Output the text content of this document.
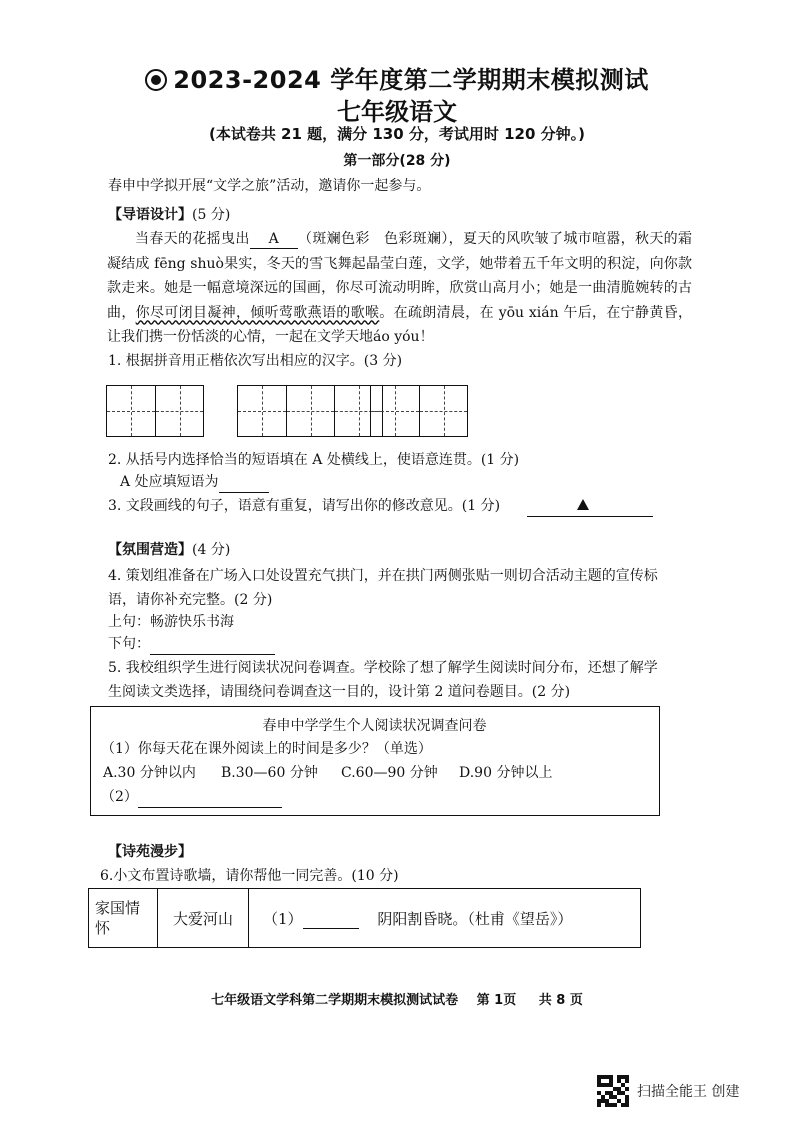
2023-2024 学年度第二学期期末模拟测试
七年级语文
(本试卷共 21 题，满分 130 分，考试用时 120 分钟。)
第一部分(28 分)
春申中学拟开展“文学之旅”活动，邀请你一起参与。
【导语设计】(5 分)
当春天的花摇曳出 A （斑斓色彩　色彩斑斓），夏天的风吹皱了城市喧嚣，秋天的霜凝结成 fēng shuò果实，冬天的雪飞舞起晶莹白莲，文学，她带着五千年文明的积淀，向你款款走来。她是一幅意境深远的国画，你尽可流动明眸，欣赏山高月小；她是一曲清脆婉转的古曲，你尽可闭目凝神，倾听莺歌燕语的歌喉。在疏朗清晨，在 yōu xián 午后，在宁静黄昏，让我们携一份恬淡的心情，一起在文学天地áo yóu！
1. 根据拼音用正楷依次写出相应的汉字。(3 分)
2. 从括号内选择恰当的短语填在 A 处横线上，使语意连贯。(1 分)
A 处应填短语为
3. 文段画线的句子，语意有重复，请写出你的修改意见。(1 分)
【氛围营造】(4 分)
4. 策划组准备在广场入口处设置充气拱门，并在拱门两侧张贴一则切合活动主题的宣传标
语，请你补充完整。(2 分)
上句：畅游快乐书海
下句：
5. 我校组织学生进行阅读状况问卷调查。学校除了想了解学生阅读时间分布，还想了解学
生阅读文类选择，请围绕问卷调查这一目的，设计第 2 道问卷题目。(2 分)
春申中学学生个人阅读状况调查问卷
（1）你每天花在课外阅读上的时间是多少？（单选）
A.30 分钟以内 B.30—60 分钟 C.60—90 分钟 D.90 分钟以上
（2）
【诗苑漫步】
6.小文布置诗歌墙，请你帮他一同完善。(10 分)
家国情怀	大爱河山	（1）	阴阳割昏晓。（杜甫《望岳》）
七年级语文学科第二学期期末模拟测试试卷 第 1页 共 8 页
扫描全能王 创建
